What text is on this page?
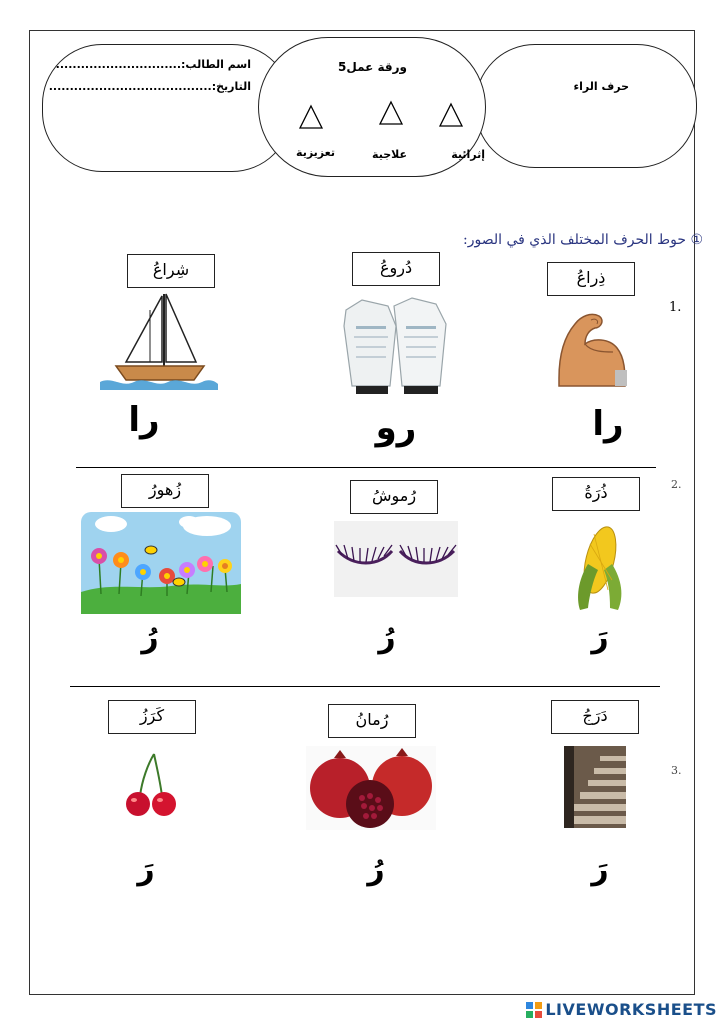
اسم الطالب:..............................
التاريخ:.......................................
ورقة عمل5
تعزيزية	علاجية	إثرائية
حرف الراء
① حوط الحرف المختلف الذي في الصور:
1.
2.
3.
ذِراعُ
دُروعُ
شِراعُ
را
رو
را
ذُرَةُ
رُموشُ
زُهورُ
رَ
رُ
رُ
دَرَجُ
رُمانُ
كَرَزُ
رَ
رُ
رَ
LIVEWORKSHEETS
